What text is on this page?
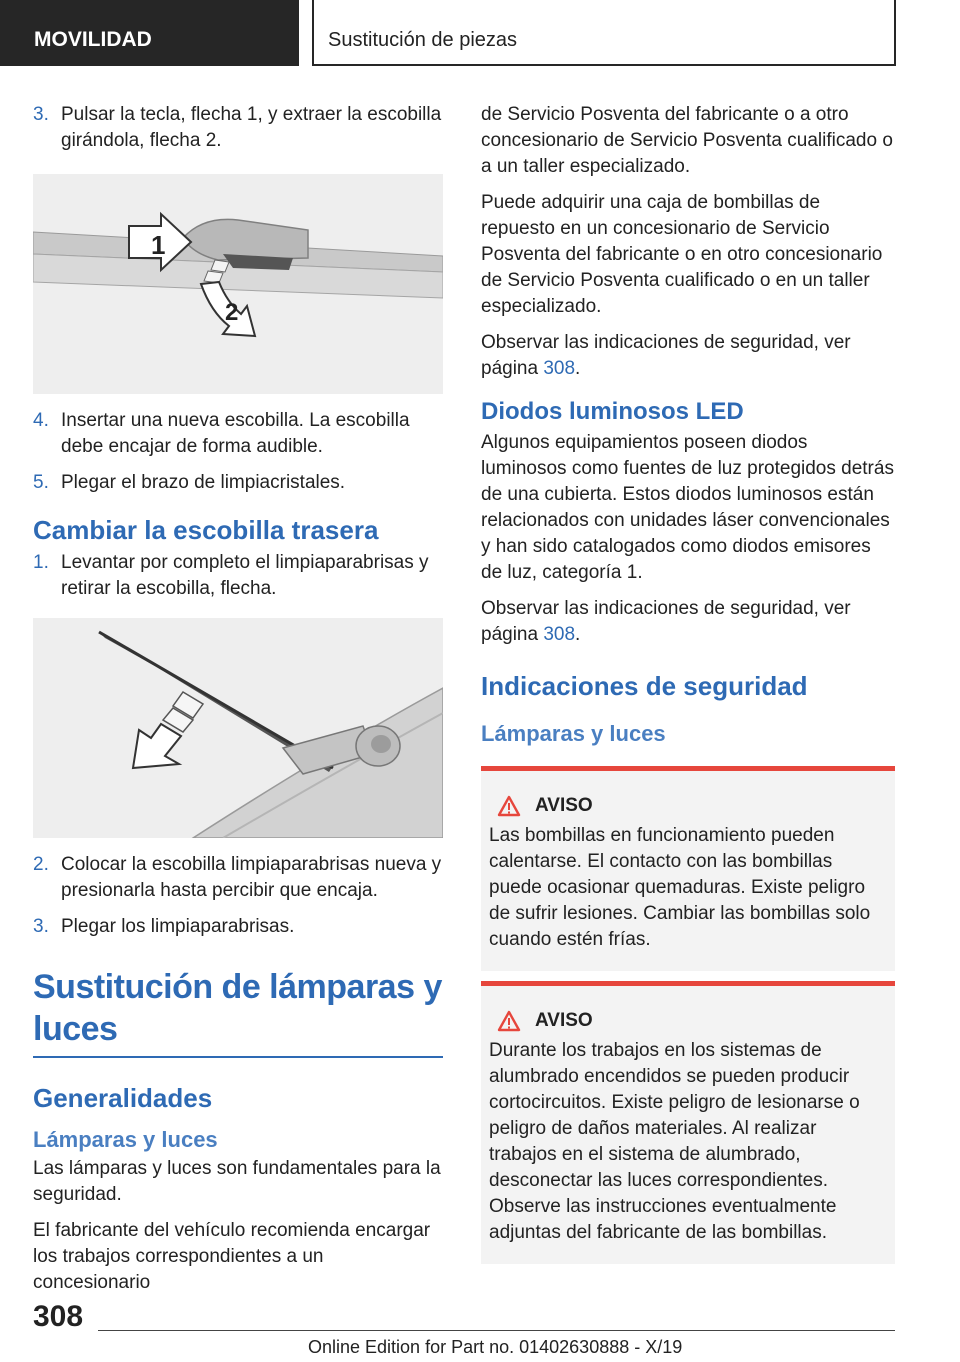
MOVILIDAD	Sustitución de piezas
3. Pulsar la tecla, flecha 1, y extraer la escobilla girándola, flecha 2.
1
2
4. Insertar una nueva escobilla. La escobilla debe encajar de forma audible.
5. Plegar el brazo de limpiacristales.
Cambiar la escobilla trasera
1. Levantar por completo el limpiaparabrisas y retirar la escobilla, flecha.
2. Colocar la escobilla limpiaparabrisas nueva y presionarla hasta percibir que encaja.
3. Plegar los limpiaparabrisas.
Sustitución de lámparas y luces
Generalidades
Lámparas y luces

Las lámparas y luces son fundamentales para la seguridad.

El fabricante del vehículo recomienda encargar los trabajos correspondientes a un concesionario

de Servicio Posventa del fabricante o a otro concesionario de Servicio Posventa cualificado o a un taller especializado.

Puede adquirir una caja de bombillas de repuesto en un concesionario de Servicio Posventa del fabricante o en otro concesionario de Servicio Posventa cualificado o en un taller especializado.

Observar las indicaciones de seguridad, ver página 308.

Diodos luminosos LED

Algunos equipamientos poseen diodos luminosos como fuentes de luz protegidos detrás de una cubierta. Estos diodos luminosos están relacionados con unidades láser convencionales y han sido catalogados como diodos emisores de luz, categoría 1.

Observar las indicaciones de seguridad, ver página 308.

Indicaciones de seguridad
Lámparas y luces
AVISO

Las bombillas en funcionamiento pueden calentarse. El contacto con las bombillas puede ocasionar quemaduras. Existe peligro de sufrir lesiones. Cambiar las bombillas solo cuando estén frías.

AVISO

Durante los trabajos en los sistemas de alumbrado encendidos se pueden producir cortocircuitos. Existe peligro de lesionarse o peligro de daños materiales. Al realizar trabajos en el sistema de alumbrado, desconectar las luces correspondientes. Observe las instrucciones eventualmente adjuntas del fabricante de las bombillas.

308
Online Edition for Part no. 01402630888 - X/19
